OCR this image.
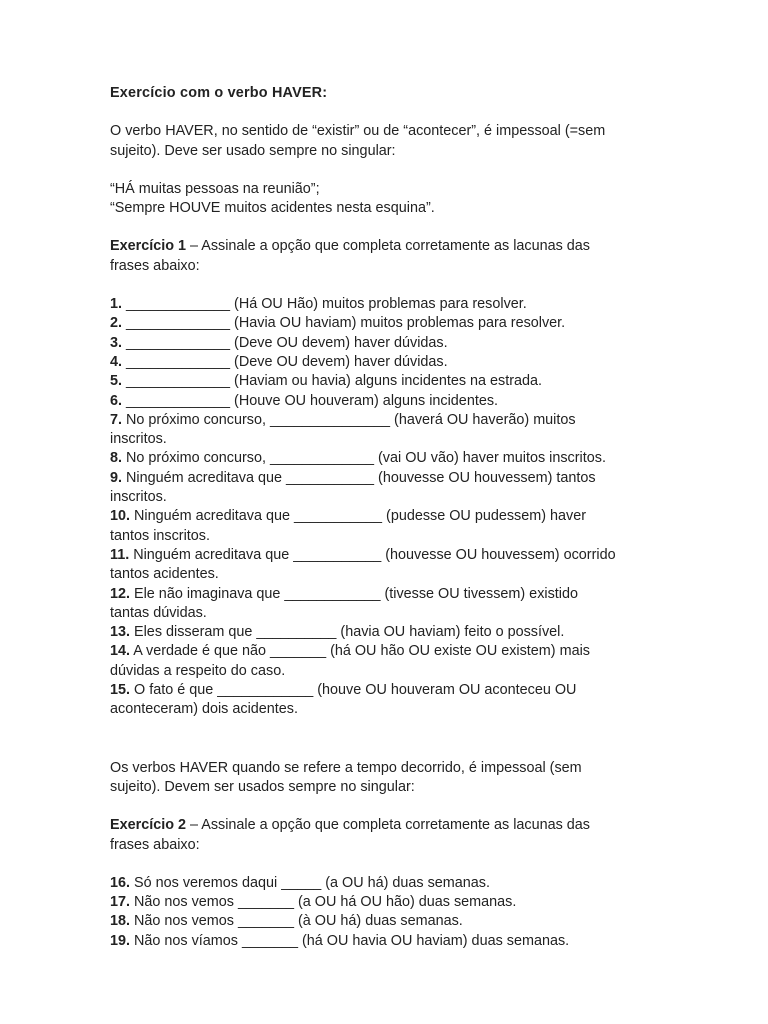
Exercício com o verbo HAVER:
O verbo HAVER, no sentido de “existir” ou de “acontecer”, é impessoal (=sem
sujeito). Deve ser usado sempre no singular:
“HÁ muitas pessoas na reunião”;
“Sempre HOUVE muitos acidentes nesta esquina”.
Exercício 1 – Assinale a opção que completa corretamente as lacunas das
frases abaixo:
1. _____________ (Há OU Hão) muitos problemas para resolver.
2. _____________ (Havia OU haviam) muitos problemas para resolver.
3. _____________ (Deve OU devem) haver dúvidas.
4. _____________ (Deve OU devem) haver dúvidas.
5. _____________ (Haviam ou havia) alguns incidentes na estrada.
6. _____________ (Houve OU houveram) alguns incidentes.
7. No próximo concurso, _______________ (haverá OU haverão) muitos
inscritos.
8. No próximo concurso, _____________ (vai OU vão) haver muitos inscritos.
9. Ninguém acreditava que ___________ (houvesse OU houvessem) tantos
inscritos.
10. Ninguém acreditava que ___________ (pudesse OU pudessem) haver
tantos inscritos.
11. Ninguém acreditava que ___________ (houvesse OU houvessem) ocorrido
tantos acidentes.
12. Ele não imaginava que ____________ (tivesse OU tivessem) existido
tantas dúvidas.
13. Eles disseram que __________ (havia OU haviam) feito o possível.
14. A verdade é que não _______ (há OU hão OU existe OU existem) mais
dúvidas a respeito do caso.
15. O fato é que ____________ (houve OU houveram OU aconteceu OU
aconteceram) dois acidentes.
Os verbos HAVER quando se refere a tempo decorrido, é impessoal (sem
sujeito). Devem ser usados sempre no singular:
Exercício 2 – Assinale a opção que completa corretamente as lacunas das
frases abaixo:
16. Só nos veremos daqui _____ (a OU há) duas semanas.
17. Não nos vemos _______ (a OU há OU hão) duas semanas.
18. Não nos vemos _______ (à OU há) duas semanas.
19. Não nos víamos _______ (há OU havia OU haviam) duas semanas.
